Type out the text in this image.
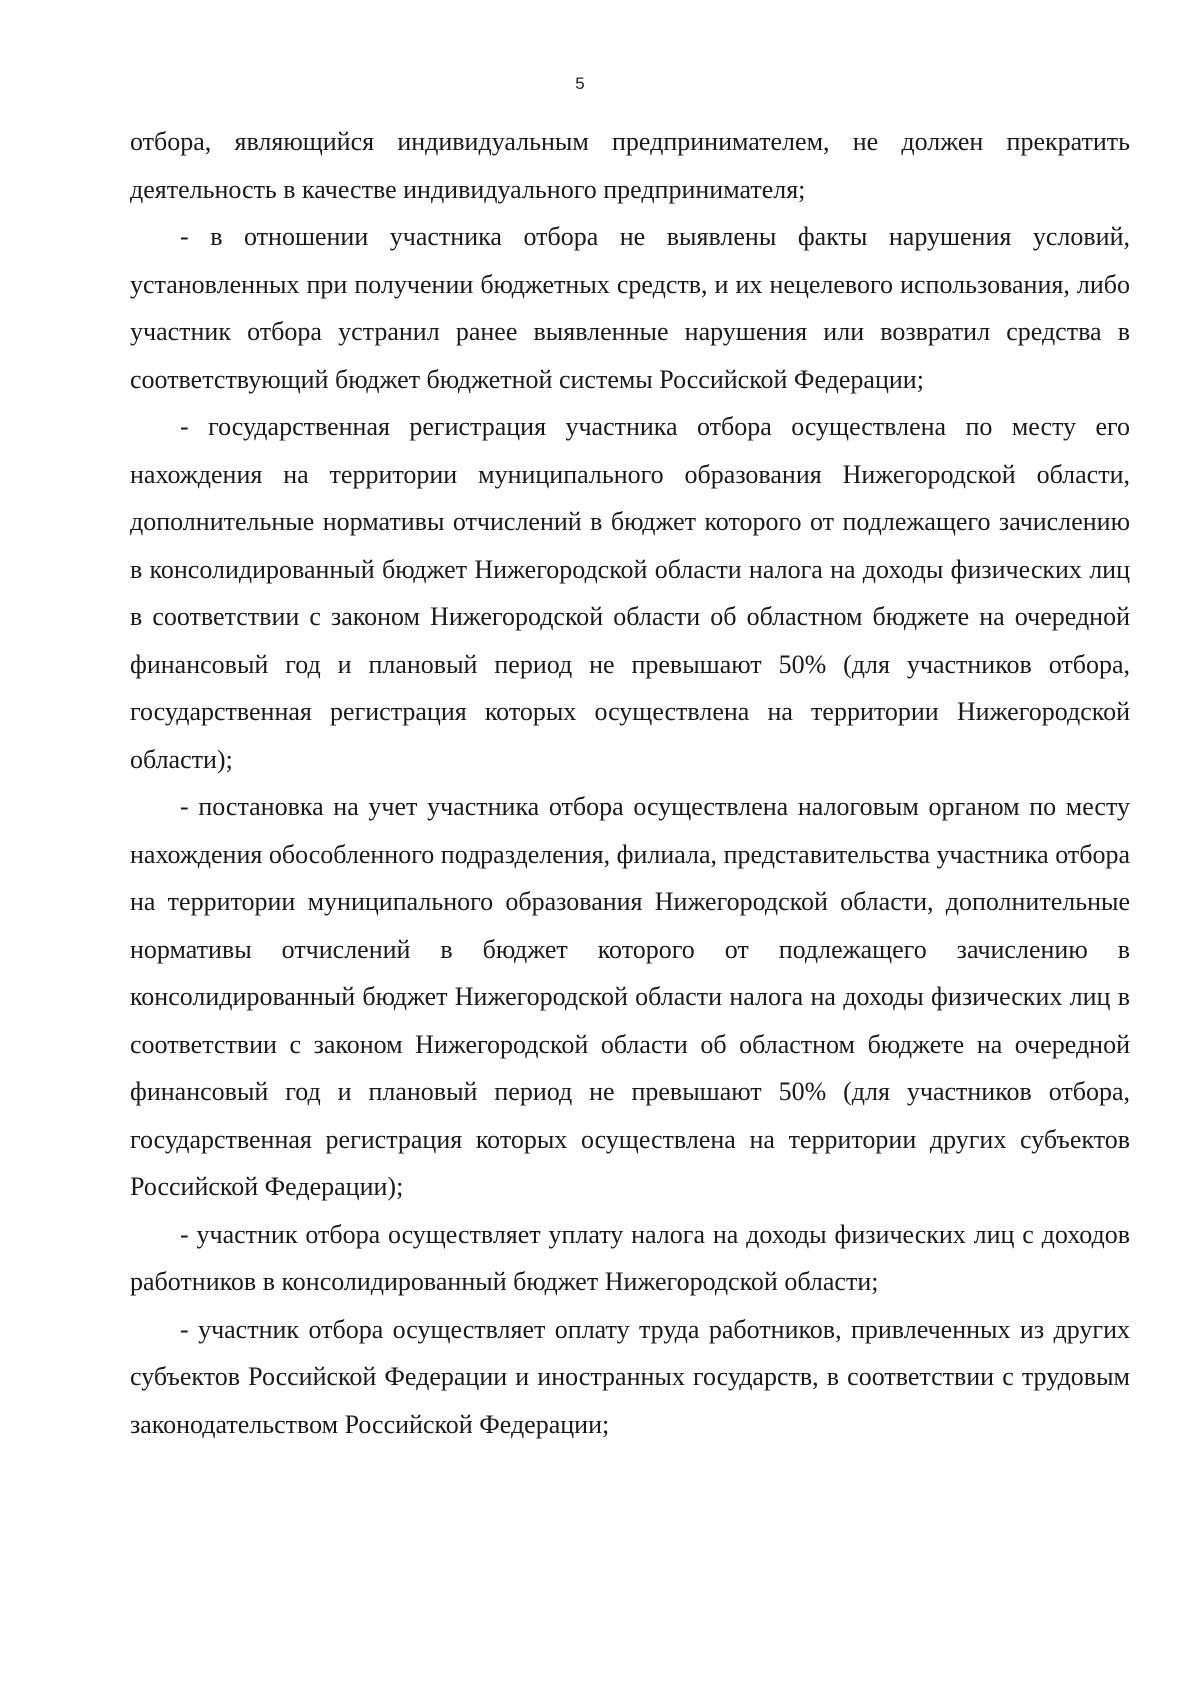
5

отбора, являющийся индивидуальным предпринимателем, не должен прекратить деятельность в качестве индивидуального предпринимателя;

- в отношении участника отбора не выявлены факты нарушения условий, установленных при получении бюджетных средств, и их нецелевого использования, либо участник отбора устранил ранее выявленные нарушения или возвратил средства в соответствующий бюджет бюджетной системы Российской Федерации;

- государственная регистрация участника отбора осуществлена по месту его нахождения на территории муниципального образования Нижегородской области, дополнительные нормативы отчислений в бюджет которого от подлежащего зачислению в консолидированный бюджет Нижегородской области налога на доходы физических лиц в соответствии с законом Нижегородской области об областном бюджете на очередной финансовый год и плановый период не превышают 50% (для участников отбора, государственная регистрация которых осуществлена на территории Нижегородской области);

- постановка на учет участника отбора осуществлена налоговым органом по месту нахождения обособленного подразделения, филиала, представительства участника отбора на территории муниципального образования Нижегородской области, дополнительные нормативы отчислений в бюджет которого от подлежащего зачислению в консолидированный бюджет Нижегородской области налога на доходы физических лиц в соответствии с законом Нижегородской области об областном бюджете на очередной финансовый год и плановый период не превышают 50% (для участников отбора, государственная регистрация которых осуществлена на территории других субъектов Российской Федерации);

- участник отбора осуществляет уплату налога на доходы физических лиц с доходов работников в консолидированный бюджет Нижегородской области;

- участник отбора осуществляет оплату труда работников, привлеченных из других субъектов Российской Федерации и иностранных государств, в соответствии с трудовым законодательством Российской Федерации;
